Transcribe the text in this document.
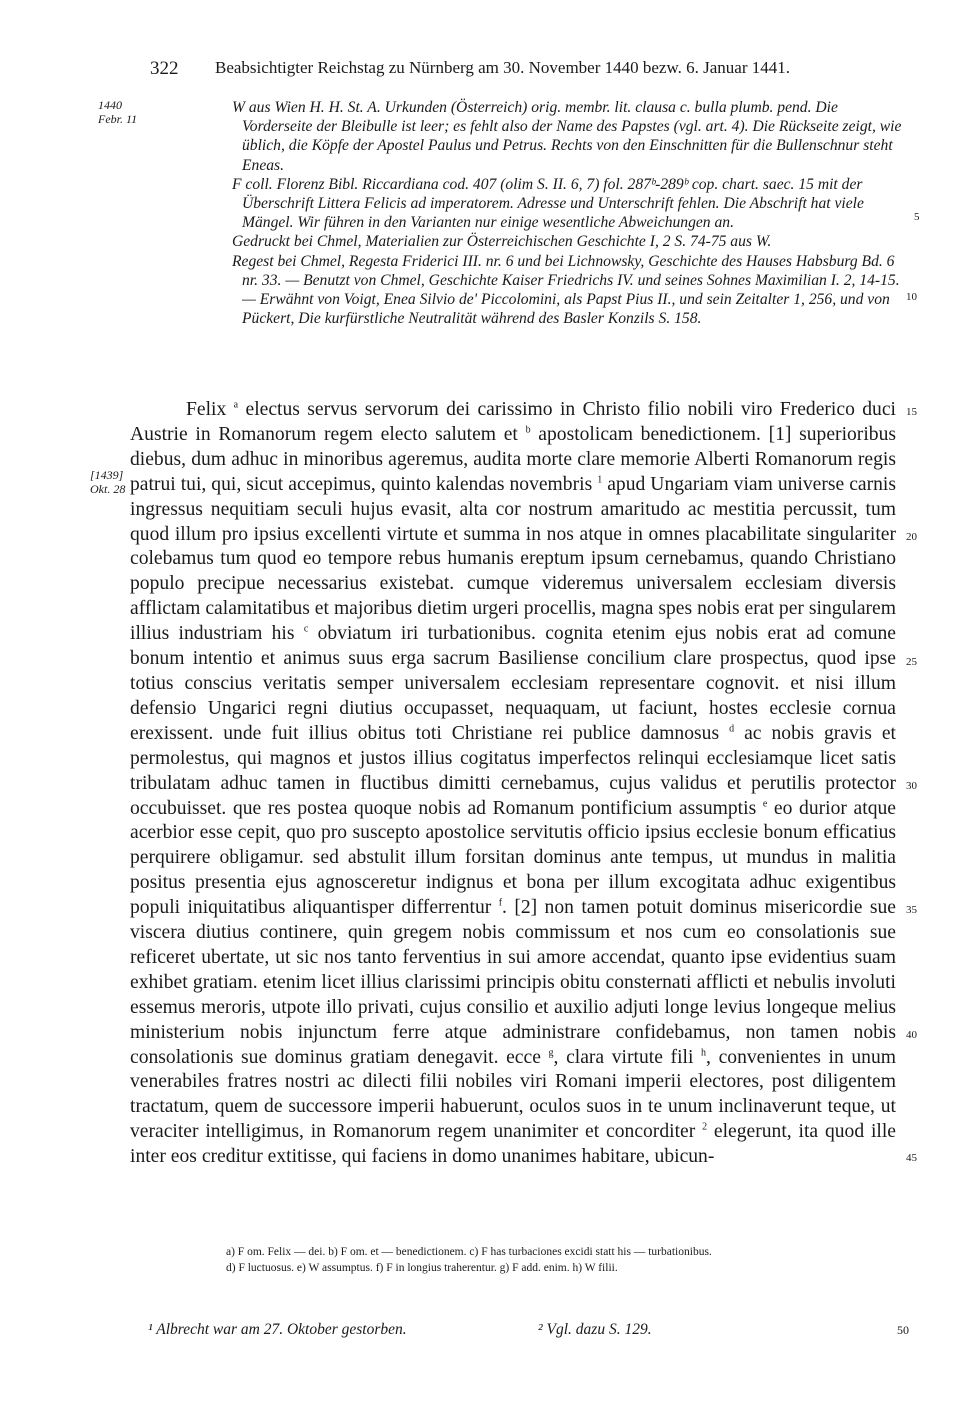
322 Beabsichtigter Reichstag zu Nürnberg am 30. November 1440 bezw. 6. Januar 1441.
1440
Febr. 11
[1439]
Okt. 28
5
10
15
20
25
30
35
40
45

W aus Wien H. H. St. A. Urkunden (Österreich) orig. membr. lit. clausa c. bulla plumb. pend. Die Vorderseite der Bleibulle ist leer; es fehlt also der Name des Papstes (vgl. art. 4). Die Rückseite zeigt, wie üblich, die Köpfe der Apostel Paulus und Petrus. Rechts von den Einschnitten für die Bullenschnur steht Eneas.

F coll. Florenz Bibl. Riccardiana cod. 407 (olim S. II. 6, 7) fol. 287ᵇ-289ᵇ cop. chart. saec. 15 mit der Überschrift Littera Felicis ad imperatorem. Adresse und Unterschrift fehlen. Die Abschrift hat viele Mängel. Wir führen in den Varianten nur einige wesentliche Abweichungen an.

Gedruckt bei Chmel, Materialien zur Österreichischen Geschichte I, 2 S. 74-75 aus W.

Regest bei Chmel, Regesta Friderici III. nr. 6 und bei Lichnowsky, Geschichte des Hauses Habsburg Bd. 6 nr. 33. — Benutzt von Chmel, Geschichte Kaiser Friedrichs IV. und seines Sohnes Maximilian I. 2, 14-15. — Erwähnt von Voigt, Enea Silvio de' Piccolomini, als Papst Pius II., und sein Zeitalter 1, 256, und von Pückert, Die kurfürstliche Neutralität während des Basler Konzils S. 158.

Felix $^a$ electus servus servorum dei carissimo in Christo filio nobili viro Frederico duci Austrie in Romanorum regem electo salutem et $^b$ apostolicam benedictionem. [1] superioribus diebus, dum adhuc in minoribus ageremus, audita morte clare memorie Alberti Romanorum regis patrui tui, qui, sicut accepimus, quinto kalendas novembris $^1$ apud Ungariam viam universe carnis ingressus nequitiam seculi hujus evasit, alta cor nostrum amaritudo ac mestitia percussit, tum quod illum pro ipsius excellenti virtute et summa in nos atque in omnes placabilitate singulariter colebamus tum quod eo tempore rebus humanis ereptum ipsum cernebamus, quando Christiano populo precipue necessarius existebat. cumque videremus universalem ecclesiam diversis afflictam calamitatibus et majoribus dietim urgeri procellis, magna spes nobis erat per singularem illius industriam his $^c$ obviatum iri turbationibus. cognita etenim ejus nobis erat ad comune bonum intentio et animus suus erga sacrum Basiliense concilium clare prospectus, quod ipse totius conscius veritatis semper universalem ecclesiam representare cognovit. et nisi illum defensio Ungarici regni diutius occupasset, nequaquam, ut faciunt, hostes ecclesie cornua erexissent. unde fuit illius obitus toti Christiane rei publice damnosus $^d$ ac nobis gravis et permolestus, qui magnos et justos illius cogitatus imperfectos relinqui ecclesiamque licet satis tribulatam adhuc tamen in fluctibus dimitti cernebamus, cujus validus et perutilis protector occubuisset. que res postea quoque nobis ad Romanum pontificium assumptis $^e$ eo durior atque acerbior esse cepit, quo pro suscepto apostolice servitutis officio ipsius ecclesie bonum efficatius perquirere obligamur. sed abstulit illum forsitan dominus ante tempus, ut mundus in malitia positus presentia ejus agnosceretur indignus et bona per illum excogitata adhuc exigentibus populi iniquitatibus aliquantisper differrentur $^f$. [2] non tamen potuit dominus misericordie sue viscera diutius continere, quin gregem nobis commissum et nos cum eo consolationis sue reficeret ubertate, ut sic nos tanto ferventius in sui amore accendat, quanto ipse evidentius suam exhibet gratiam. etenim licet illius clarissimi principis obitu consternati afflicti et nebulis involuti essemus meroris, utpote illo privati, cujus consilio et auxilio adjuti longe levius longeque melius ministerium nobis injunctum ferre atque administrare confidebamus, non tamen nobis consolationis sue dominus gratiam denegavit. ecce $^g$, clara virtute fili $^h$, convenientes in unum venerabiles fratres nostri ac dilecti filii nobiles viri Romani imperii electores, post diligentem tractatum, quem de successore imperii habuerunt, oculos suos in te unum inclinaverunt teque, ut veraciter intelligimus, in Romanorum regem unanimiter et concorditer $^2$ elegerunt, ita quod ille inter eos creditur extitisse, qui faciens in domo unanimes habitare, ubicun-

a) F om. Felix — dei. b) F om. et — benedictionem. c) F has turbaciones excidi statt his — turbationibus.
d) F luctuosus. e) W assumptus. f) F in longius traherentur. g) F add. enim. h) W filii.
¹ Albrecht war am 27. Oktober gestorben.	² Vgl. dazu S. 129.	50
